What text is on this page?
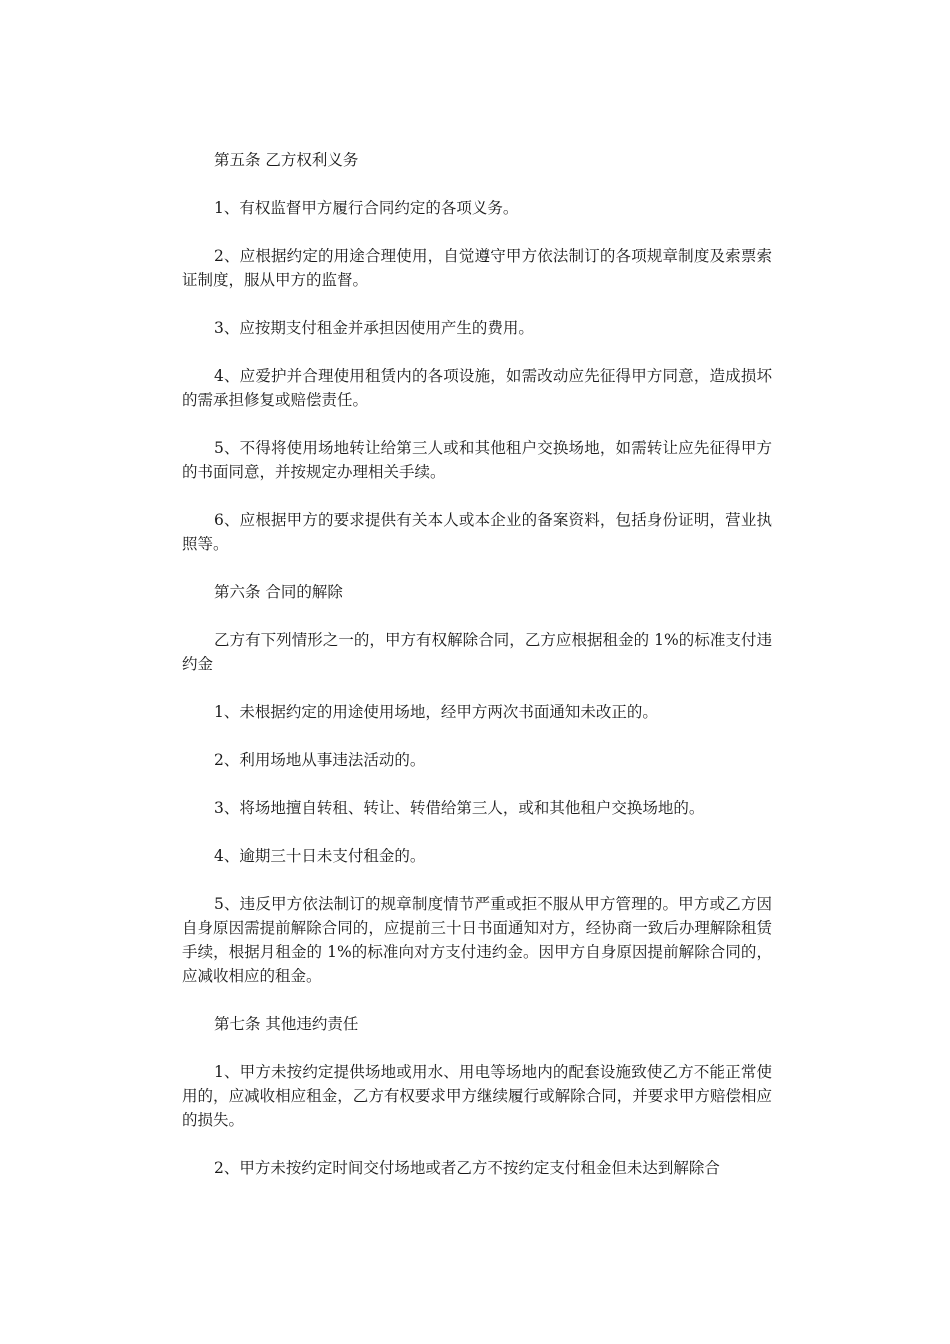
第五条 乙方权利义务

1、有权监督甲方履行合同约定的各项义务。

2、应根据约定的用途合理使用，自觉遵守甲方依法制订的各项规章制度及索票索证制度，服从甲方的监督。

3、应按期支付租金并承担因使用产生的费用。

4、应爱护并合理使用租赁内的各项设施，如需改动应先征得甲方同意，造成损坏的需承担修复或赔偿责任。

5、不得将使用场地转让给第三人或和其他租户交换场地，如需转让应先征得甲方的书面同意，并按规定办理相关手续。

6、应根据甲方的要求提供有关本人或本企业的备案资料，包括身份证明，营业执照等。

第六条 合同的解除

乙方有下列情形之一的，甲方有权解除合同，乙方应根据租金的 1%的标准支付违约金

1、未根据约定的用途使用场地，经甲方两次书面通知未改正的。

2、利用场地从事违法活动的。

3、将场地擅自转租、转让、转借给第三人，或和其他租户交换场地的。

4、逾期三十日未支付租金的。

5、违反甲方依法制订的规章制度情节严重或拒不服从甲方管理的。甲方或乙方因自身原因需提前解除合同的，应提前三十日书面通知对方，经协商一致后办理解除租赁手续，根据月租金的 1%的标准向对方支付违约金。因甲方自身原因提前解除合同的，应减收相应的租金。

第七条 其他违约责任

1、甲方未按约定提供场地或用水、用电等场地内的配套设施致使乙方不能正常使用的，应减收相应租金，乙方有权要求甲方继续履行或解除合同，并要求甲方赔偿相应的损失。

2、甲方未按约定时间交付场地或者乙方不按约定支付租金但未达到解除合
